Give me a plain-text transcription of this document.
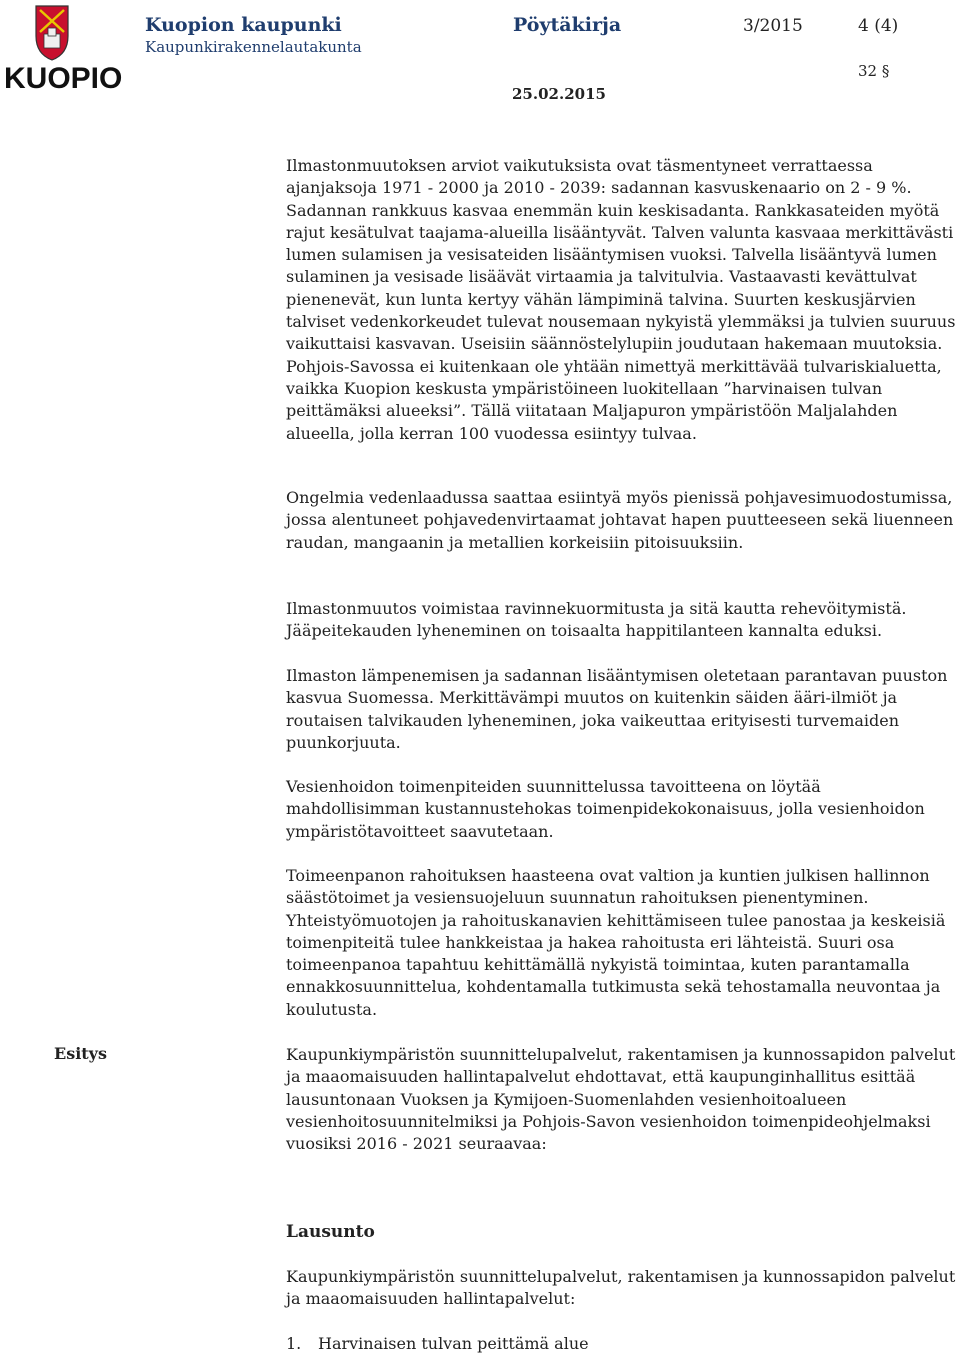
KUOPIO
Kuopion kaupunki
Kaupunkirakennelautakunta
Pöytäkirja	3/2015	4 (4)
32 §
25.02.2015

Ilmastonmuutoksen arviot vaikutuksista ovat täsmentyneet verrattaessa ajanjaksoja 1971 - 2000 ja 2010 - 2039: sadannan kasvuskenaario on 2 - 9 %. Sadannan rankkuus kasvaa enemmän kuin keskisadanta. Rankkasateiden myötä rajut kesätulvat taajama-alueilla lisääntyvät. Talven valunta kasvaaa merkittävästi lumen sulamisen ja vesisateiden lisääntymisen vuoksi. Talvella lisääntyvä lumen sulaminen ja vesisade lisäävät virtaamia ja talvitulvia. Vastaavasti kevättulvat pienenevät, kun lunta kertyy vähän lämpiminä talvina. Suurten keskusjärvien talviset vedenkorkeudet tulevat nousemaan nykyistä ylemmäksi ja tulvien suuruus vaikuttaisi kasvavan. Useisiin säännöstelylupiin joudutaan hakemaan muutoksia. Pohjois-Savossa ei kuitenkaan ole yhtään nimettyä merkittävää tulvariskialuetta, vaikka Kuopion keskusta ympäristöineen luokitellaan ”harvinaisen tulvan peittämäksi alueeksi”. Tällä viitataan Maljapuron ympäristöön Maljalahden alueella, jolla kerran 100 vuodessa esiintyy tulvaa.

Ongelmia vedenlaadussa saattaa esiintyä myös pienissä pohjavesimuodostumissa, jossa alentuneet pohjavedenvirtaamat johtavat hapen puutteeseen sekä liuenneen raudan, mangaanin ja metallien korkeisiin pitoisuuksiin.

Ilmastonmuutos voimistaa ravinnekuormitusta ja sitä kautta rehevöitymistä. Jääpeitekauden lyheneminen on toisaalta happitilanteen kannalta eduksi.

Ilmaston lämpenemisen ja sadannan lisääntymisen oletetaan parantavan puuston kasvua Suomessa. Merkittävämpi muutos on kuitenkin säiden ääri-ilmiöt ja routaisen talvikauden lyheneminen, joka vaikeuttaa erityisesti turvemaiden puunkorjuuta.

Vesienhoidon toimenpiteiden suunnittelussa tavoitteena on löytää mahdollisimman kustannustehokas toimenpidekokonaisuus, jolla vesienhoidon ympäristötavoitteet saavutetaan.

Toimeenpanon rahoituksen haasteena ovat valtion ja kuntien julkisen hallinnon säästötoimet ja vesiensuojeluun suunnatun rahoituksen pienentyminen. Yhteistyömuotojen ja rahoituskanavien kehittämiseen tulee panostaa ja keskeisiä toimenpiteitä tulee hankkeistaa ja hakea rahoitusta eri lähteistä. Suuri osa toimeenpanoa tapahtuu kehittämällä nykyistä toimintaa, kuten parantamalla ennakkosuunnittelua, kohdentamalla tutkimusta sekä tehostamalla neuvontaa ja koulutusta.

Esitys	Kaupunkiympäristön suunnittelupalvelut, rakentamisen ja kunnossapidon palvelut ja maaomaisuuden hallintapalvelut ehdottavat, että kaupunginhallitus esittää lausuntonaan Vuoksen ja Kymijoen-Suomenlahden vesienhoitoalueen vesienhoitosuunnitelmiksi ja Pohjois-Savon vesienhoidon toimenpideohjelmaksi vuosiksi 2016 - 2021 seuraavaa:

Lausunto

Kaupunkiympäristön suunnittelupalvelut, rakentamisen ja kunnossapidon palvelut ja maaomaisuuden hallintapalvelut:

1.	Harvinaisen tulvan peittämä alue
